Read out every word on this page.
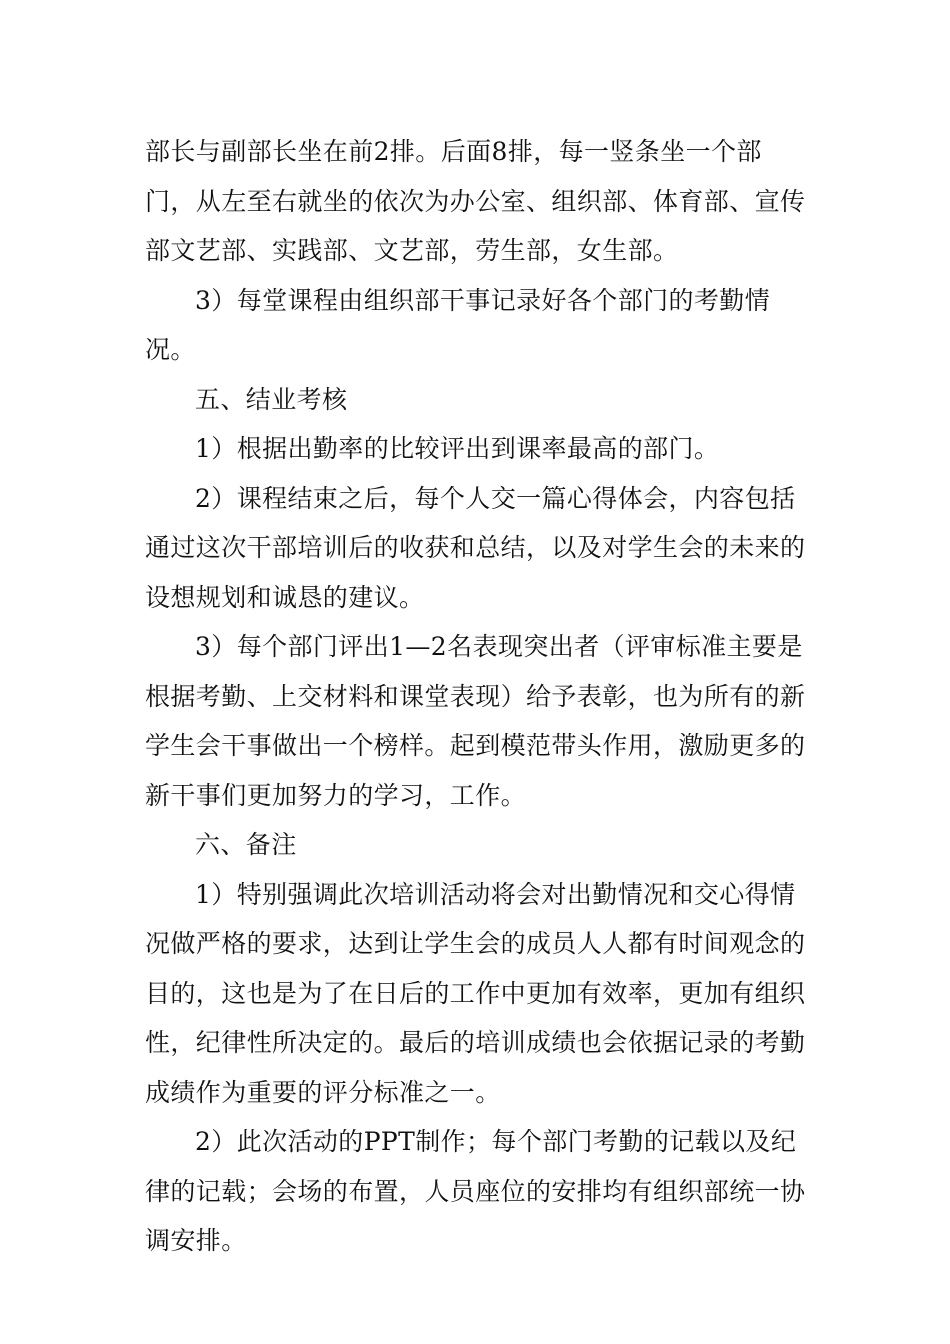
部长与副部长坐在前2排。后面8排，每一竖条坐一个部门，从左至右就坐的依次为办公室、组织部、体育部、宣传部文艺部、实践部、文艺部，劳生部，女生部。

3）每堂课程由组织部干事记录好各个部门的考勤情况。

五、结业考核

1）根据出勤率的比较评出到课率最高的部门。

2）课程结束之后，每个人交一篇心得体会，内容包括通过这次干部培训后的收获和总结，以及对学生会的未来的设想规划和诚恳的建议。

3）每个部门评出1—2名表现突出者（评审标准主要是根据考勤、上交材料和课堂表现）给予表彰，也为所有的新学生会干事做出一个榜样。起到模范带头作用，激励更多的新干事们更加努力的学习，工作。

六、备注

1）特别强调此次培训活动将会对出勤情况和交心得情况做严格的要求，达到让学生会的成员人人都有时间观念的目的，这也是为了在日后的工作中更加有效率，更加有组织性，纪律性所决定的。最后的培训成绩也会依据记录的考勤成绩作为重要的评分标准之一。

2）此次活动的PPT制作；每个部门考勤的记载以及纪律的记载；会场的布置，人员座位的安排均有组织部统一协调安排。
